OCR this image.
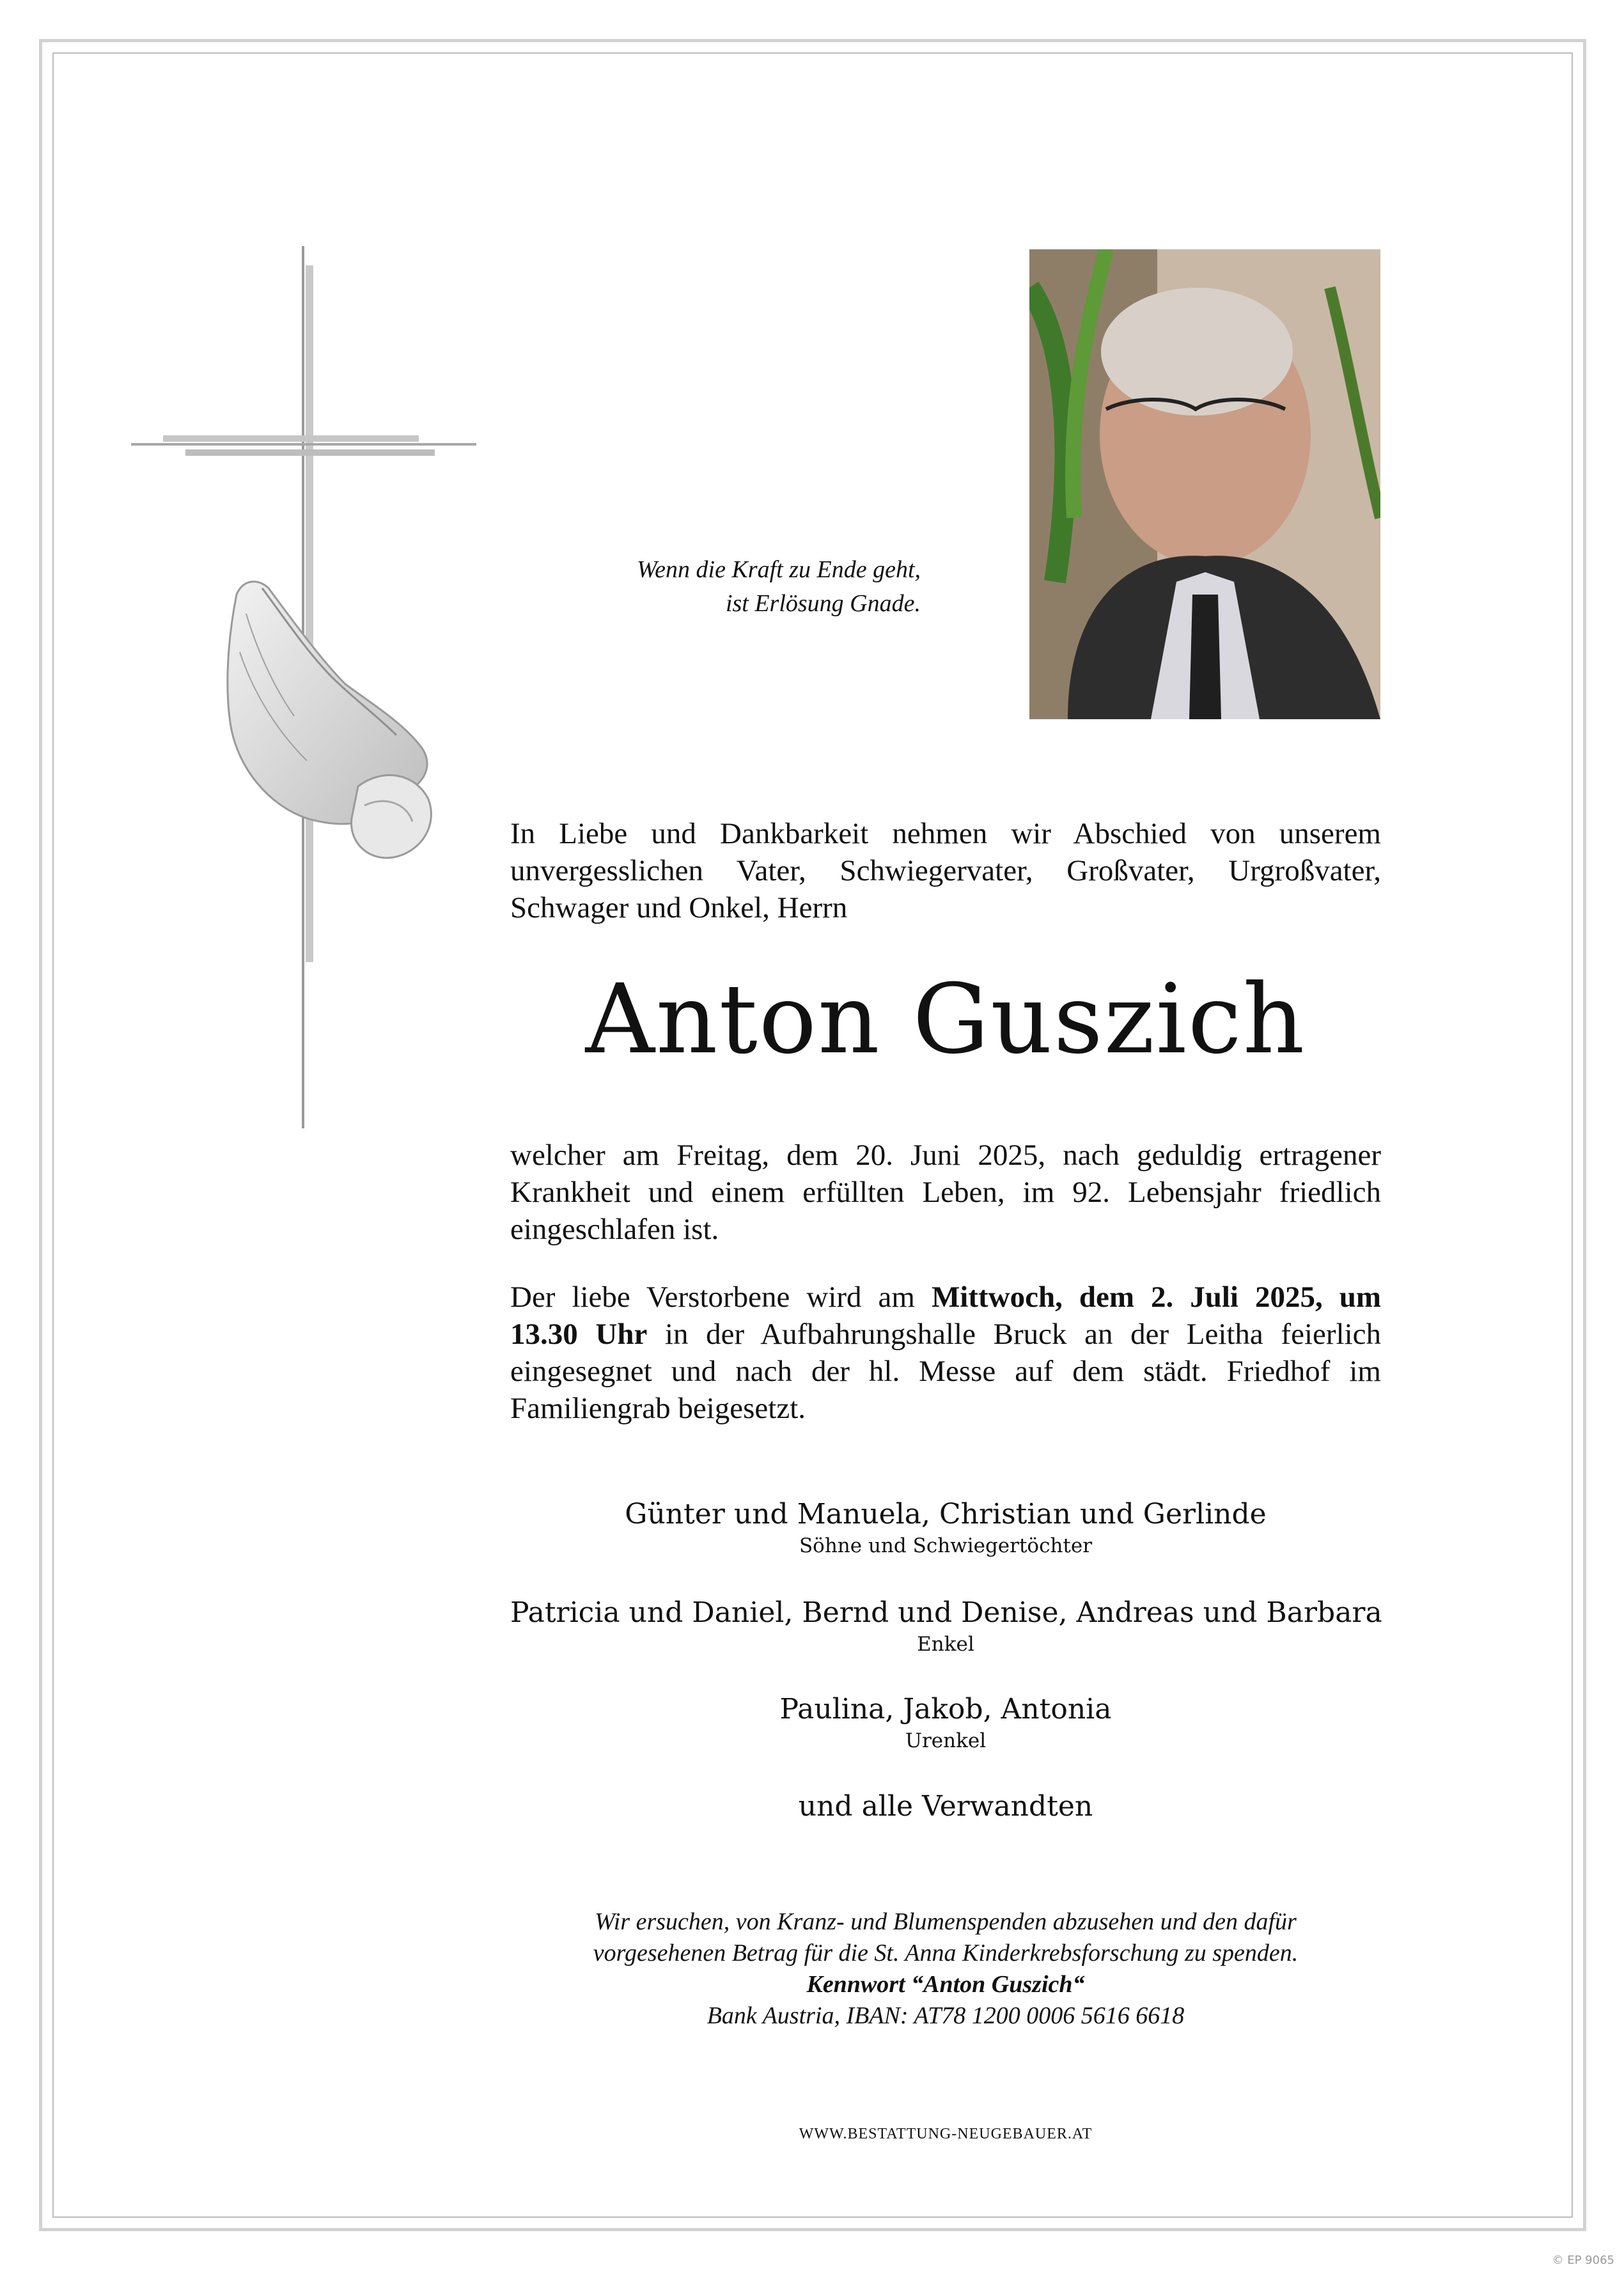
Wenn die Kraft zu Ende geht,
ist Erlösung Gnade.
In Liebe und Dankbarkeit nehmen wir Abschied von unserem
unvergesslichen Vater, Schwiegervater, Großvater, Urgroßvater,
Schwager und Onkel, Herrn
Anton Guszich
welcher am Freitag, dem 20. Juni 2025, nach geduldig ertragener
Krankheit und einem erfüllten Leben, im 92. Lebensjahr friedlich
eingeschlafen ist.
Der liebe Verstorbene wird am Mittwoch, dem 2. Juli 2025, um
13.30 Uhr in der Aufbahrungshalle Bruck an der Leitha feierlich
eingesegnet und nach der hl. Messe auf dem städt. Friedhof im
Familiengrab beigesetzt.
Günter und Manuela, Christian und Gerlinde
Söhne und Schwiegertöchter
Patricia und Daniel, Bernd und Denise, Andreas und Barbara
Enkel
Paulina, Jakob, Antonia
Urenkel
und alle Verwandten
Wir ersuchen, von Kranz- und Blumenspenden abzusehen und den dafür
vorgesehenen Betrag für die St. Anna Kinderkrebsforschung zu spenden.
Kennwort “Anton Guszich“
Bank Austria, IBAN: AT78 1200 0006 5616 6618
WWW.BESTATTUNG-NEUGEBAUER.AT
© EP 9065
